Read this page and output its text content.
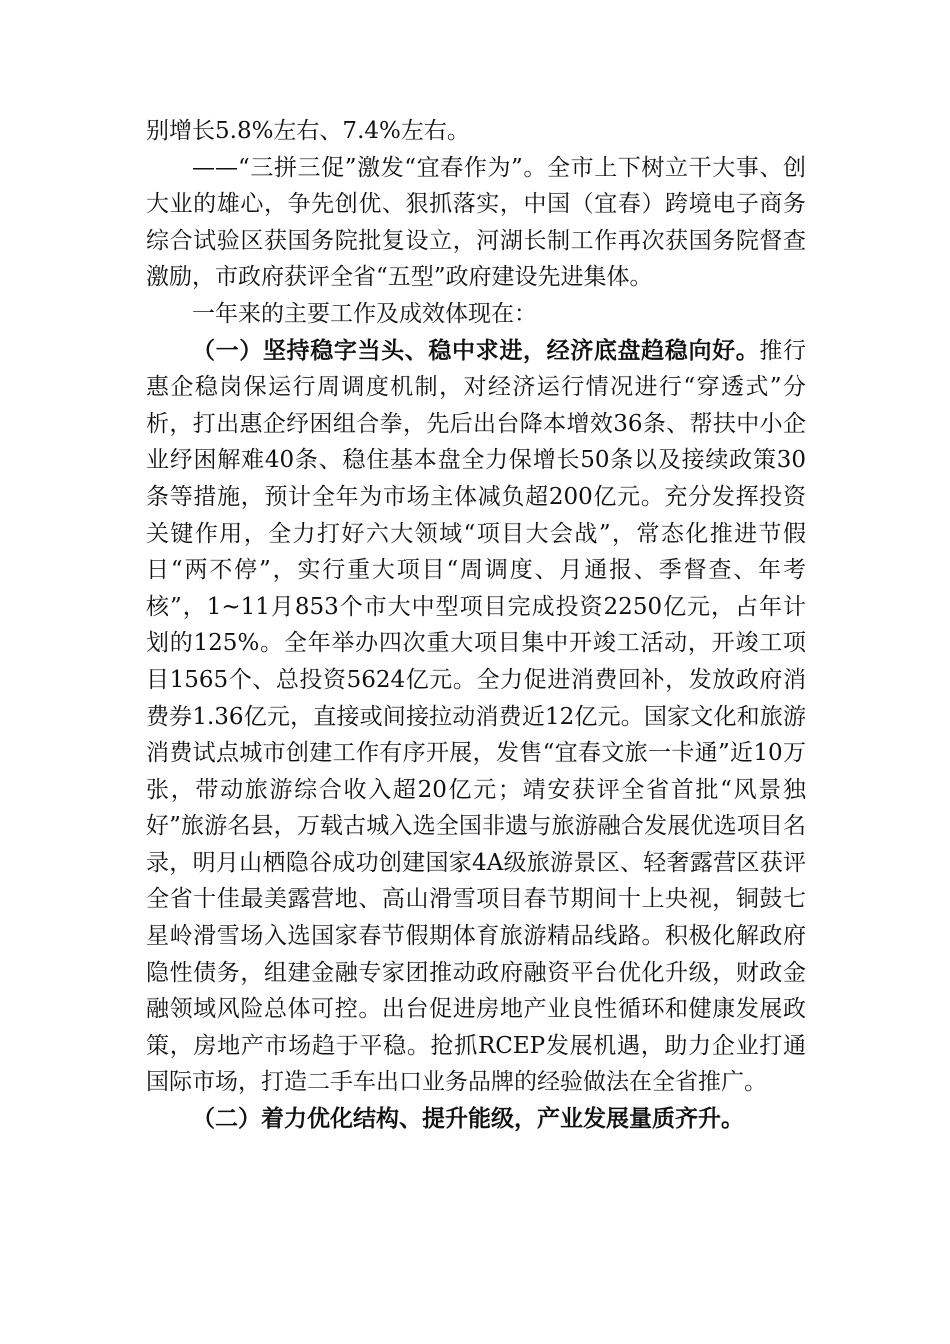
别增长5.8%左右、7.4%左右。

——“三拼三促”激发“宜春作为”。全市上下树立干大事、创大业的雄心，争先创优、狠抓落实，中国（宜春）跨境电子商务综合试验区获国务院批复设立，河湖长制工作再次获国务院督查激励，市政府获评全省“五型”政府建设先进集体。

一年来的主要工作及成效体现在：

（一）坚持稳字当头、稳中求进，经济底盘趋稳向好。推行惠企稳岗保运行周调度机制，对经济运行情况进行“穿透式”分析，打出惠企纾困组合拳，先后出台降本增效36条、帮扶中小企业纾困解难40条、稳住基本盘全力保增长50条以及接续政策30条等措施，预计全年为市场主体减负超200亿元。充分发挥投资关键作用，全力打好六大领域“项目大会战”，常态化推进节假日“两不停”，实行重大项目“周调度、月通报、季督查、年考核”，1~11月853个市大中型项目完成投资2250亿元，占年计划的125%。全年举办四次重大项目集中开竣工活动，开竣工项目1565个、总投资5624亿元。全力促进消费回补，发放政府消费券1.36亿元，直接或间接拉动消费近12亿元。国家文化和旅游消费试点城市创建工作有序开展，发售“宜春文旅一卡通”近10万张，带动旅游综合收入超20亿元；靖安获评全省首批“风景独好”旅游名县，万载古城入选全国非遗与旅游融合发展优选项目名录，明月山栖隐谷成功创建国家4A级旅游景区、轻奢露营区获评全省十佳最美露营地、高山滑雪项目春节期间十上央视，铜鼓七星岭滑雪场入选国家春节假期体育旅游精品线路。积极化解政府隐性债务，组建金融专家团推动政府融资平台优化升级，财政金融领域风险总体可控。出台促进房地产业良性循环和健康发展政策，房地产市场趋于平稳。抢抓RCEP发展机遇，助力企业打通国际市场，打造二手车出口业务品牌的经验做法在全省推广。

（二）着力优化结构、提升能级，产业发展量质齐升。
